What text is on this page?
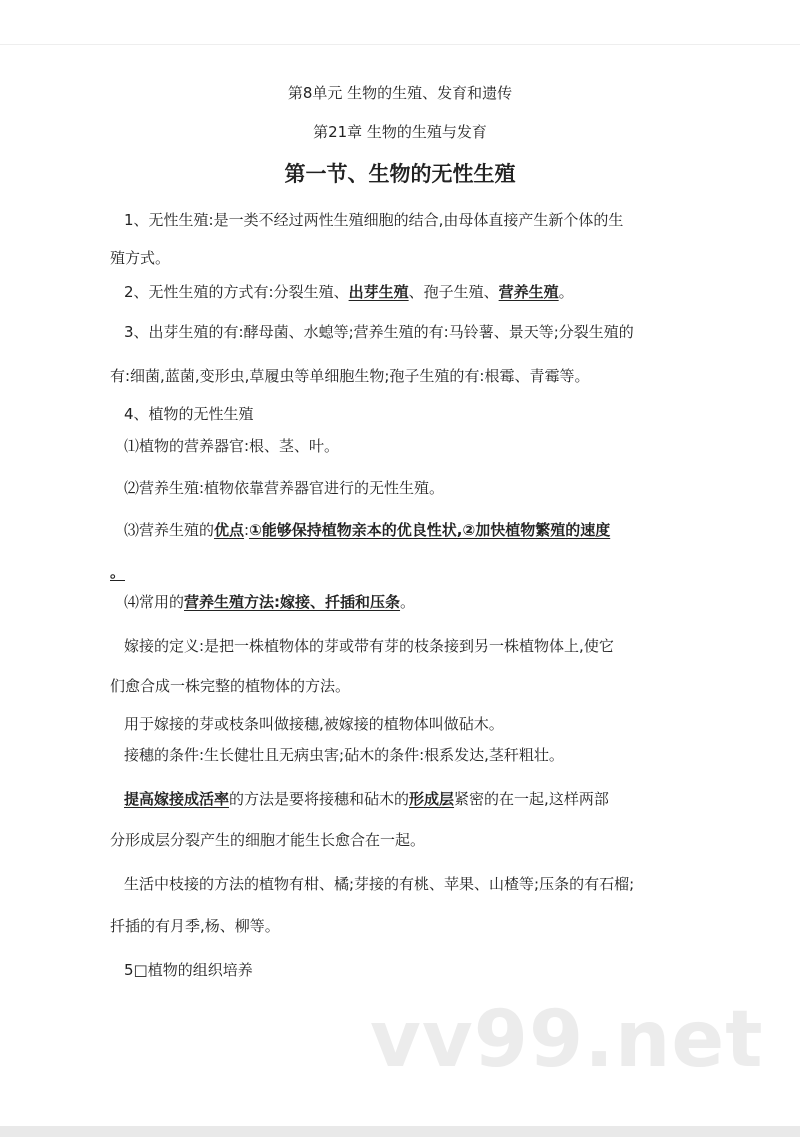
第8单元 生物的生殖、发育和遗传
第21章 生物的生殖与发育
第一节、生物的无性生殖
1、无性生殖:是一类不经过两性生殖细胞的结合,由母体直接产生新个体的生
殖方式。
2、无性生殖的方式有:分裂生殖、出芽生殖、孢子生殖、营养生殖。
3、出芽生殖的有:酵母菌、水螅等;营养生殖的有:马铃薯、景天等;分裂生殖的
有:细菌,蓝菌,变形虫,草履虫等单细胞生物;孢子生殖的有:根霉、青霉等。
4、植物的无性生殖
⑴植物的营养器官:根、茎、叶。
⑵营养生殖:植物依靠营养器官进行的无性生殖。
⑶营养生殖的优点:①能够保持植物亲本的优良性状,②加快植物繁殖的速度
。
⑷常用的营养生殖方法:嫁接、扦插和压条。
嫁接的定义:是把一株植物体的芽或带有芽的枝条接到另一株植物体上,使它
们愈合成一株完整的植物体的方法。
用于嫁接的芽或枝条叫做接穗,被嫁接的植物体叫做砧木。
接穗的条件:生长健壮且无病虫害;砧木的条件:根系发达,茎秆粗壮。
提高嫁接成活率的方法是要将接穗和砧木的形成层紧密的在一起,这样两部
分形成层分裂产生的细胞才能生长愈合在一起。
生活中枝接的方法的植物有柑、橘;芽接的有桃、苹果、山楂等;压条的有石榴;
扦插的有月季,杨、柳等。
5□植物的组织培养
vv99.net
